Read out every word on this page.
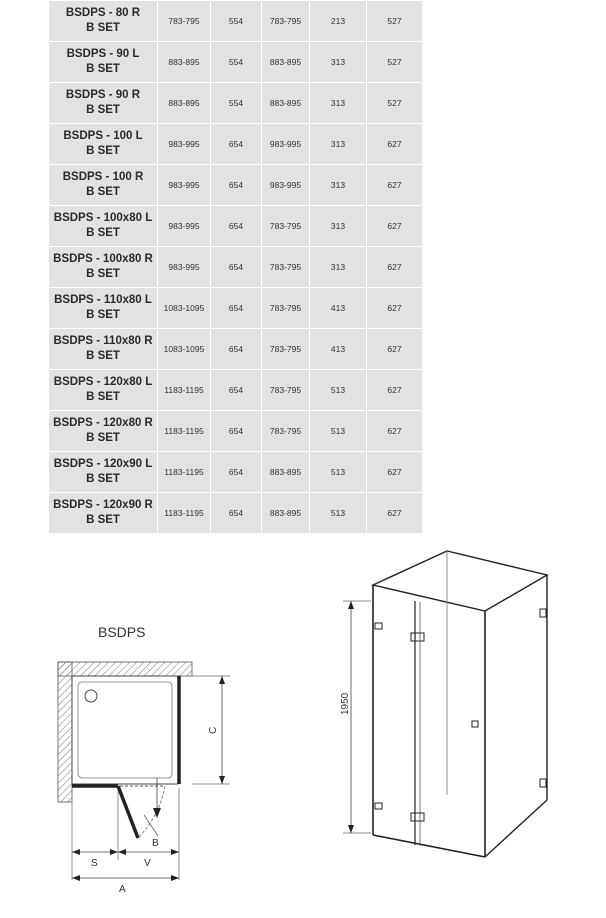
BSDPS - 80 R
B SET	783-795	554	783-795	213	527

BSDPS - 90 L
B SET	883-895	554	883-895	313	527

BSDPS - 90 R
B SET	883-895	554	883-895	313	527

BSDPS - 100 L
B SET	983-995	654	983-995	313	627

BSDPS - 100 R
B SET	983-995	654	983-995	313	627

BSDPS - 100x80 L
B SET	983-995	654	783-795	313	627

BSDPS - 100x80 R
B SET	983-995	654	783-795	313	627

BSDPS - 110x80 L
B SET	1083-1095	654	783-795	413	627

BSDPS - 110x80 R
B SET	1083-1095	654	783-795	413	627

BSDPS - 120x80 L
B SET	1183-1195	654	783-795	513	627

BSDPS - 120x80 R
B SET	1183-1195	654	783-795	513	627

BSDPS - 120x90 L
B SET	1183-1195	654	883-895	513	627

BSDPS - 120x90 R
B SET	1183-1195	654	883-895	513	627
BSDPS
B
C
S	V
A
1950
